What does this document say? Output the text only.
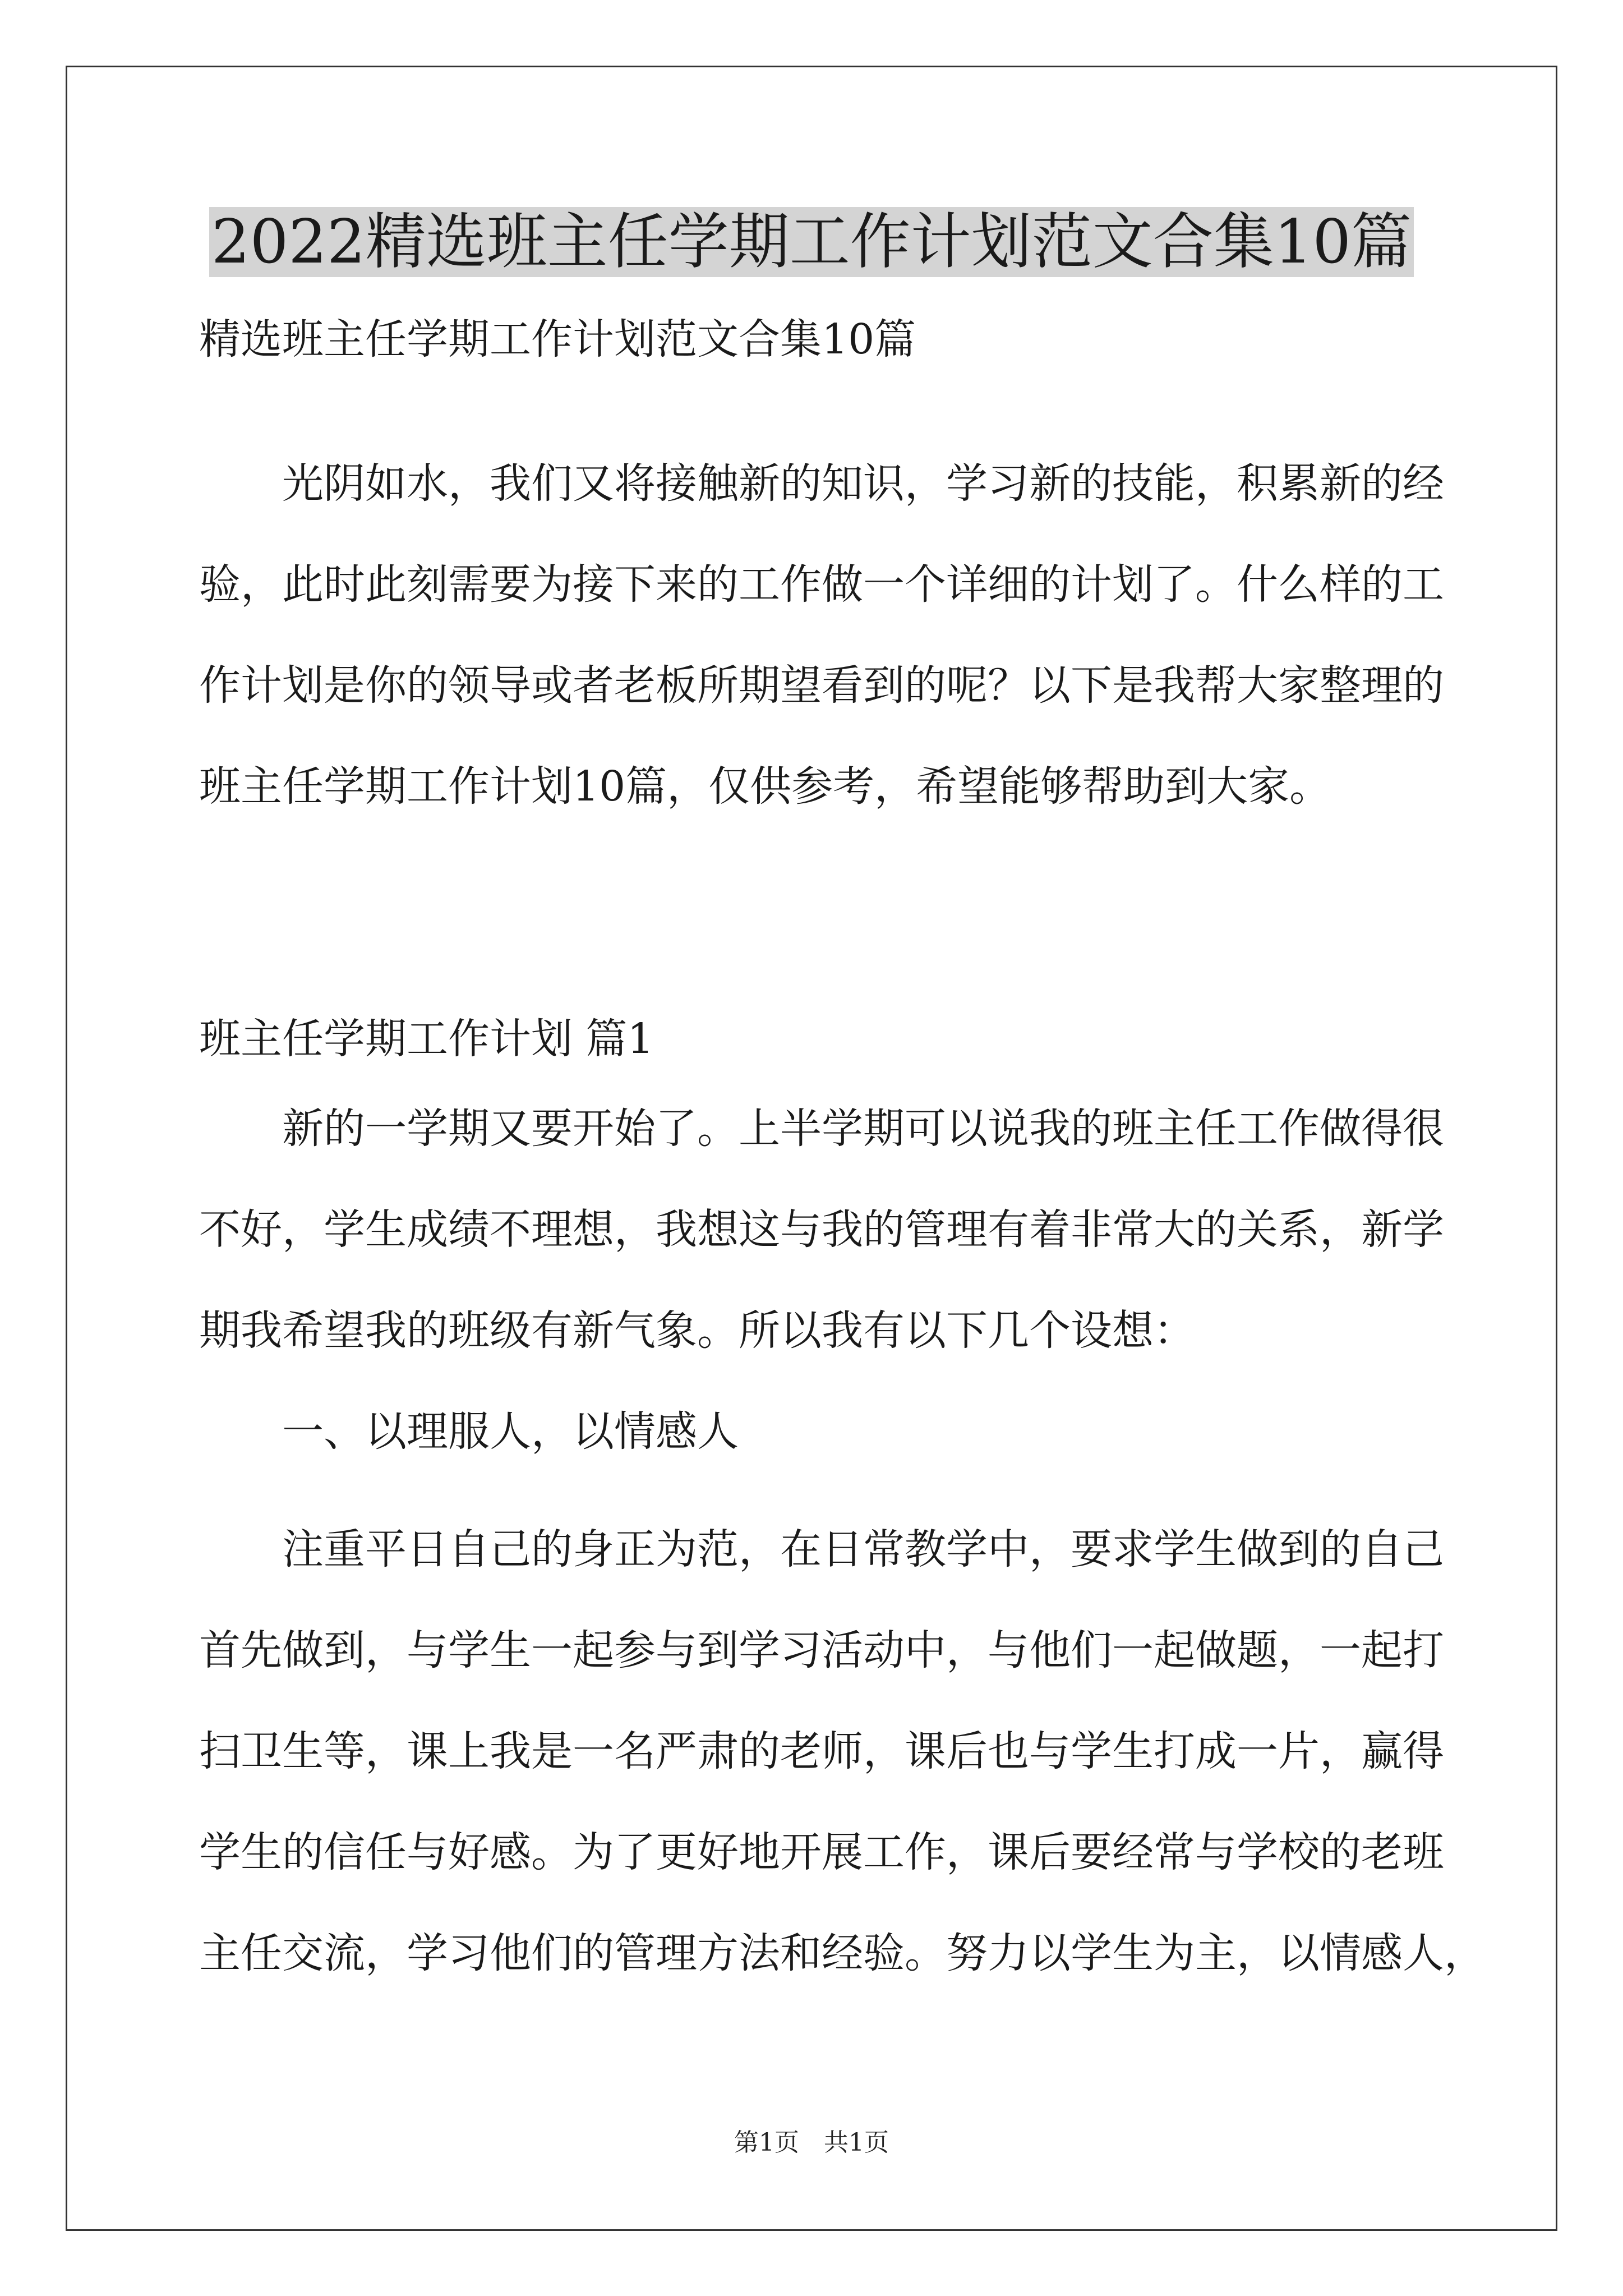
2022精选班主任学期工作计划范文合集10篇
精选班主任学期工作计划范文合集10篇
　　光阴如水，我们又将接触新的知识，学习新的技能，积累新的经
验，此时此刻需要为接下来的工作做一个详细的计划了。什么样的工
作计划是你的领导或者老板所期望看到的呢？以下是我帮大家整理的
班主任学期工作计划10篇，仅供参考，希望能够帮助到大家。
班主任学期工作计划 篇1
　　新的一学期又要开始了。上半学期可以说我的班主任工作做得很
不好，学生成绩不理想，我想这与我的管理有着非常大的关系，新学
期我希望我的班级有新气象。所以我有以下几个设想：
　　一、以理服人，以情感人
　　注重平日自己的身正为范，在日常教学中，要求学生做到的自己
首先做到，与学生一起参与到学习活动中，与他们一起做题，一起打
扫卫生等，课上我是一名严肃的老师，课后也与学生打成一片，赢得
学生的信任与好感。为了更好地开展工作，课后要经常与学校的老班
主任交流，学习他们的管理方法和经验。努力以学生为主，以情感人，
第1页　共1页
